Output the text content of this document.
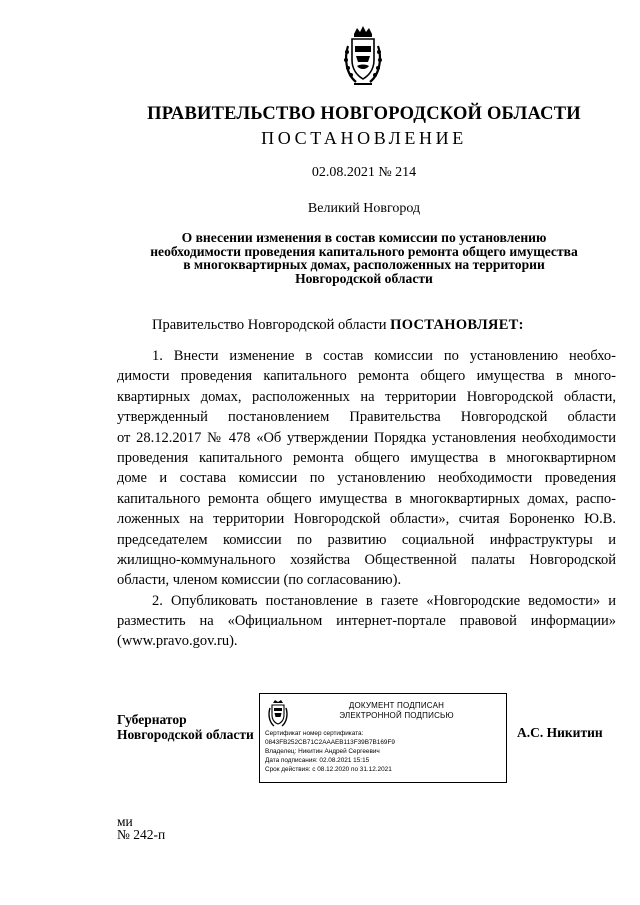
ПРАВИТЕЛЬСТВО НОВГОРОДСКОЙ ОБЛАСТИ
ПОСТАНОВЛЕНИЕ
02.08.2021 № 214
Великий Новгород
О внесении изменения в состав комиссии по установлению
необходимости проведения капитального ремонта общего имущества
в многоквартирных домах, расположенных на территории
Новгородской области
Правительство Новгородской области ПОСТАНОВЛЯЕТ:
1. Внести изменение в состав комиссии по установлению необхо-
димости проведения капитального ремонта общего имущества в много-
квартирных домах, расположенных на территории Новгородской области,
утвержденный постановлением Правительства Новгородской области
от 28.12.2017 № 478 «Об утверждении Порядка установления необходимости
проведения капитального ремонта общего имущества в многоквартирном
доме и состава комиссии по установлению необходимости проведения
капитального ремонта общего имущества в многоквартирных домах, распо-
ложенных на территории Новгородской области», считая Бороненко Ю.В.
председателем комиссии по развитию социальной инфраструктуры и
жилищно-коммунального хозяйства Общественной палаты Новгородской
области, членом комиссии (по согласованию).
2. Опубликовать постановление в газете «Новгородские ведомости» и
разместить на «Официальном интернет-портале правовой информации»
(www.pravo.gov.ru).
Губернатор
Новгородской области
ДОКУМЕНТ ПОДПИСАН
ЭЛЕКТРОННОЙ ПОДПИСЬЮ
Сертификат номер сертификата:
0843FB252CB71C2AAAEB113F39B7B169F9
Владелец: Никитин Андрей Сергеевич
Дата подписания: 02.08.2021 15:15
Срок действия: с 08.12.2020 по 31.12.2021
А.С. Никитин
ми
№ 242-п
